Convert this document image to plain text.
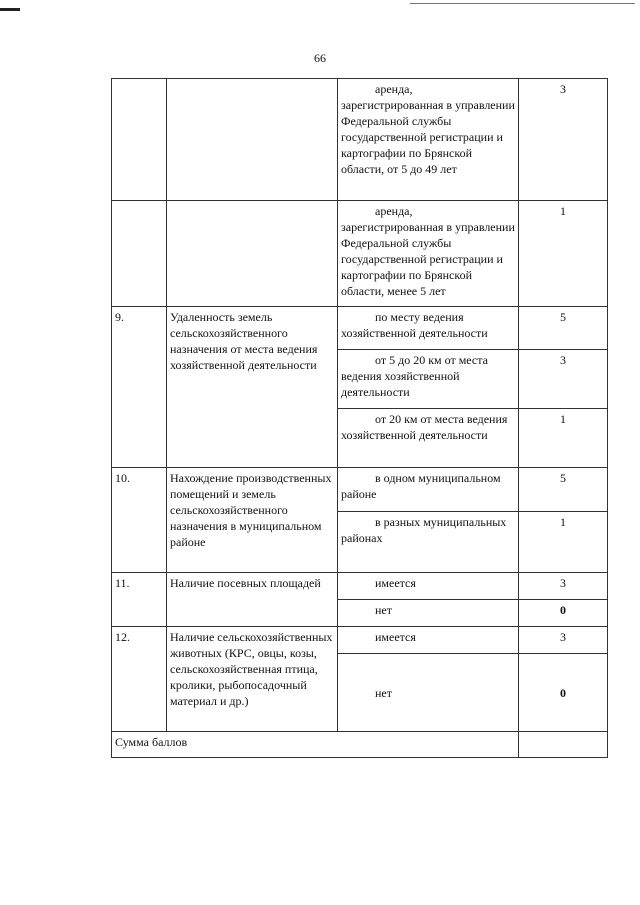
66
		аренда, зарегистрированная в управлении Федеральной службы государственной регистрации и картографии по Брянской области, от 5 до 49 лет	3
		аренда, зарегистрированная в управлении Федеральной службы государственной регистрации и картографии по Брянской области, менее 5 лет	1
9.	Удаленность земель сельскохозяйственного назначения от места ведения хозяйственной деятельности	по месту ведения хозяйственной деятельности	5
		от 5 до 20 км от места ведения хозяйственной деятельности	3
		от 20 км от места ведения хозяйственной деятельности	1
10.	Нахождение производственных помещений и земель сельскохозяйственного назначения в муниципальном районе	в одном муниципальном районе	5
		в разных муниципальных районах	1
11.	Наличие посевных площадей	имеется	3
		нет	0
12.	Наличие сельскохозяйственных животных (КРС, овцы, козы, сельскохозяйственная птица, кролики, рыбопосадочный материал и др.)	имеется	3
		нет	0
Сумма баллов			
